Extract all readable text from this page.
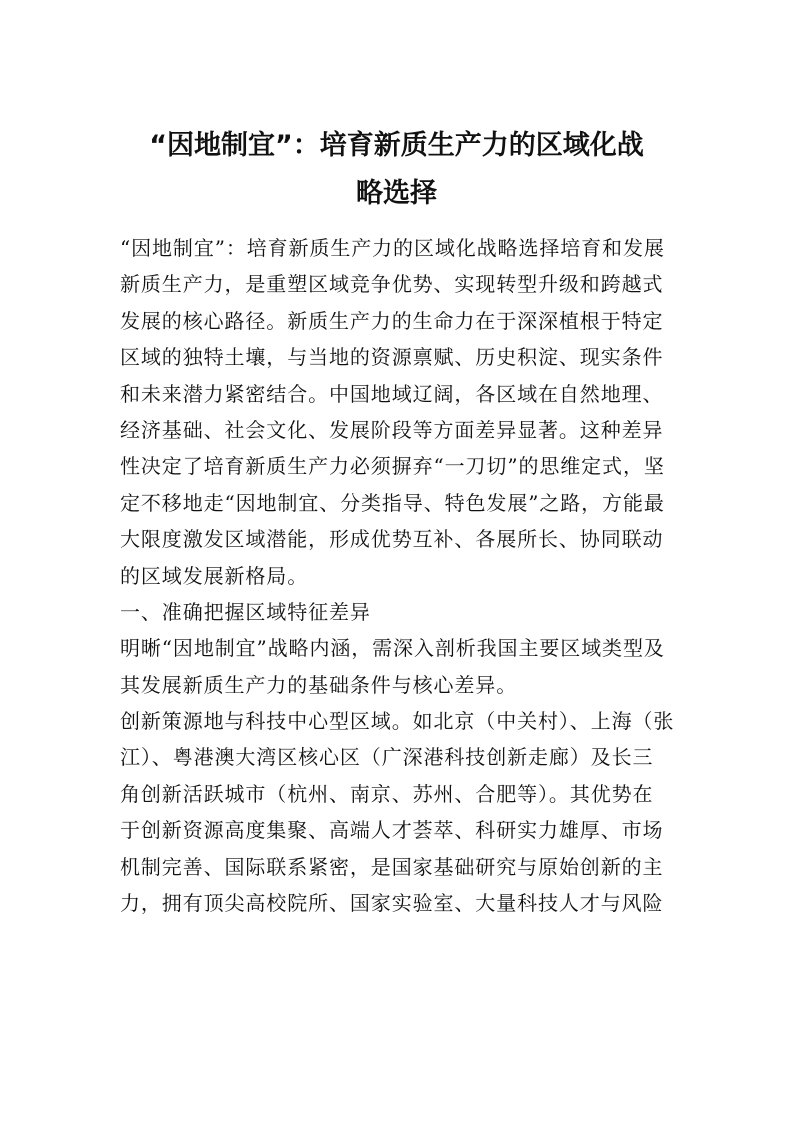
“因地制宜”：培育新质生产力的区域化战
略选择
“因地制宜”：培育新质生产力的区域化战略选择培育和发展
新质生产力，是重塑区域竞争优势、实现转型升级和跨越式
发展的核心路径。新质生产力的生命力在于深深植根于特定
区域的独特土壤，与当地的资源禀赋、历史积淀、现实条件
和未来潜力紧密结合。中国地域辽阔，各区域在自然地理、
经济基础、社会文化、发展阶段等方面差异显著。这种差异
性决定了培育新质生产力必须摒弃“一刀切”的思维定式，坚
定不移地走“因地制宜、分类指导、特色发展”之路，方能最
大限度激发区域潜能，形成优势互补、各展所长、协同联动
的区域发展新格局。
一、准确把握区域特征差异
明晰“因地制宜”战略内涵，需深入剖析我国主要区域类型及
其发展新质生产力的基础条件与核心差异。
创新策源地与科技中心型区域。如北京（中关村）、上海（张
江）、粤港澳大湾区核心区（广深港科技创新走廊）及长三
角创新活跃城市（杭州、南京、苏州、合肥等）。其优势在
于创新资源高度集聚、高端人才荟萃、科研实力雄厚、市场
机制完善、国际联系紧密，是国家基础研究与原始创新的主
力，拥有顶尖高校院所、国家实验室、大量科技人才与风险
